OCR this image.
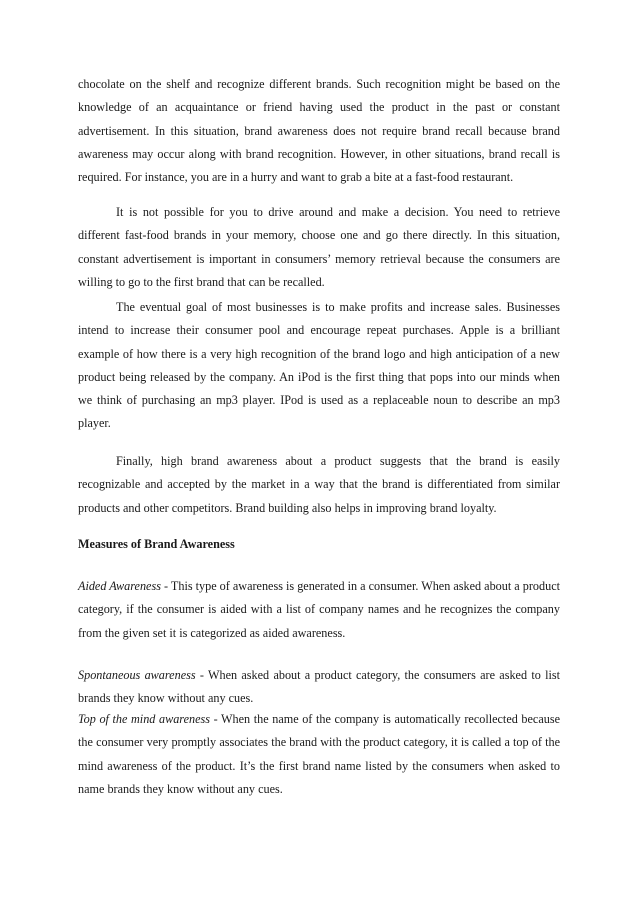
chocolate on the shelf and recognize different brands. Such recognition might be based on the knowledge of an acquaintance or friend having used the product in the past or constant advertisement. In this situation, brand awareness does not require brand recall because brand awareness may occur along with brand recognition. However, in other situations, brand recall is required. For instance, you are in a hurry and want to grab a bite at a fast-food restaurant.

It is not possible for you to drive around and make a decision. You need to retrieve different fast-food brands in your memory, choose one and go there directly. In this situation, constant advertisement is important in consumers’ memory retrieval because the consumers are willing to go to the first brand that can be recalled.

The eventual goal of most businesses is to make profits and increase sales. Businesses intend to increase their consumer pool and encourage repeat purchases. Apple is a brilliant example of how there is a very high recognition of the brand logo and high anticipation of a new product being released by the company. An iPod is the first thing that pops into our minds when we think of purchasing an mp3 player. IPod is used as a replaceable noun to describe an mp3 player.

Finally, high brand awareness about a product suggests that the brand is easily recognizable and accepted by the market in a way that the brand is differentiated from similar products and other competitors. Brand building also helps in improving brand loyalty.

Measures of Brand Awareness

Aided Awareness - This type of awareness is generated in a consumer. When asked about a product category, if the consumer is aided with a list of company names and he recognizes the company from the given set it is categorized as aided awareness.

Spontaneous awareness - When asked about a product category, the consumers are asked to list brands they know without any cues.

Top of the mind awareness - When the name of the company is automatically recollected because the consumer very promptly associates the brand with the product category, it is called a top of the mind awareness of the product. It’s the first brand name listed by the consumers when asked to name brands they know without any cues.
